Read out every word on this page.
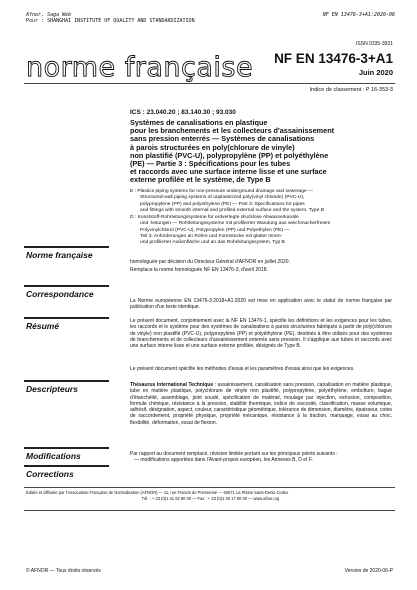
Afnor, Saga Web
Pour : SHANGHAI INSTITUTE OF QUALITY AND STANDARDIZATION
NF EN 13476-3+A1:2020-06
ISSN 0335-3931
norme française NF EN 13476-3+A1
Juin 2020
Indice de classement : P 16-353-3
ICS : 23.040.20 ; 83.140.30 ; 93.030
Systèmes de canalisations en plastique
pour les branchements et les collecteurs d'assainissement
sans pression enterrés — Systèmes de canalisations
à parois structurées en poly(chlorure de vinyle)
non plastifié (PVC-U), polypropylène (PP) et polyéthylène
(PE) — Partie 3 : Spécifications pour les tubes
et raccords avec une surface interne lisse et une surface
externe profilée et le système, de Type B
E : Plastics piping systems for non-pressure underground drainage and sewerage —
Structured-wall piping systems of unplasticized poly(vinyl chloride) (PVC-U),
polypropylene (PP) and polyethylene (PE) — Part 3: Specifications for pipes
and fittings with smooth internal and profiled external surface and the system, Type B
D : Kunststoff-Rohrleitungssysteme für erdverlegte drucklose Abwasserkanäle
und -leitungen — Rohrleitungssysteme mit profilierter Wandung aus weichmacherfreiem
Polyvinylchlorid (PVC-U), Polypropylen (PP) und Polyethylen (PE) —
Teil 3: Anforderungen an Rohre und Formstücke mit glatter Innen-
und profilierter Außenfläche und an das Rohrleitungssystem, Typ B
Norme française
homologuée par décision du Directeur Général d'AFNOR en juillet 2020.
Remplace la norme homologuée NF EN 13476-3, d'avril 2018.
Correspondance
La Norme européenne EN 13476-3:2018+A1:2020 est mise en application avec le statut de norme française par publication d'un texte identique.
Résumé	Le présent document, conjointement avec la NF EN 13476-1, spécifie les définitions et les exigences pour les tubes, les raccords et le système pour des systèmes de canalisations à parois structurées fabriqués à partir de poly(chlorure de vinyle) non plastifié (PVC-U), polypropylène (PP) et polyéthylène (PE), destinés à être utilisés pour des systèmes de branchements et de collecteurs d'assainissement enterrés sans pression. Il s'applique aux tubes et raccords avec une surface interne lisse et une surface externe profilée, désignés de Type B.
Le présent document spécifie les méthodes d'essai et les paramètres d'essai ainsi que les exigences.
Descripteurs	Thésaurus International Technique : assainissement, canalisation sans pression, canalisation en matière plastique, tube en matière plastique, polychlorure de vinyle non plastifié, polypropylène, polyéthylène, emboîture, bague d'étanchéité, assemblage, joint soudé, spécification de matériel, moulage par injection, extrusion, composition, formule chimique, résistance à la pression, stabilité thermique, indice de viscosité, classification, masse volumique, adhésif, désignation, aspect, couleur, caractéristique géométrique, tolérance de dimension, diamètre, épaisseur, cotes de raccordement, propriété physique, propriété mécanique, résistance à la traction, marquage, essai au choc, flexibilité, déformation, essai de flexion.
Modifications	Par rapport au document remplacé, révision limitée portant sur les principaux points suivants :
— modifications apportées dans l'Avant-propos européen, les Annexes B, D et F.
Corrections
Éditée et diffusée par l'Association Française de Normalisation (AFNOR) — 11, rue Francis de Pressensé — 93571 La Plaine Saint-Denis Cedex
Tél. : + 33 (0)1 41 62 80 00 — Fax : + 33 (0)1 49 17 90 00 — www.afnor.org
© AFNOR — Tous droits réservés	Version de 2020-06-P
